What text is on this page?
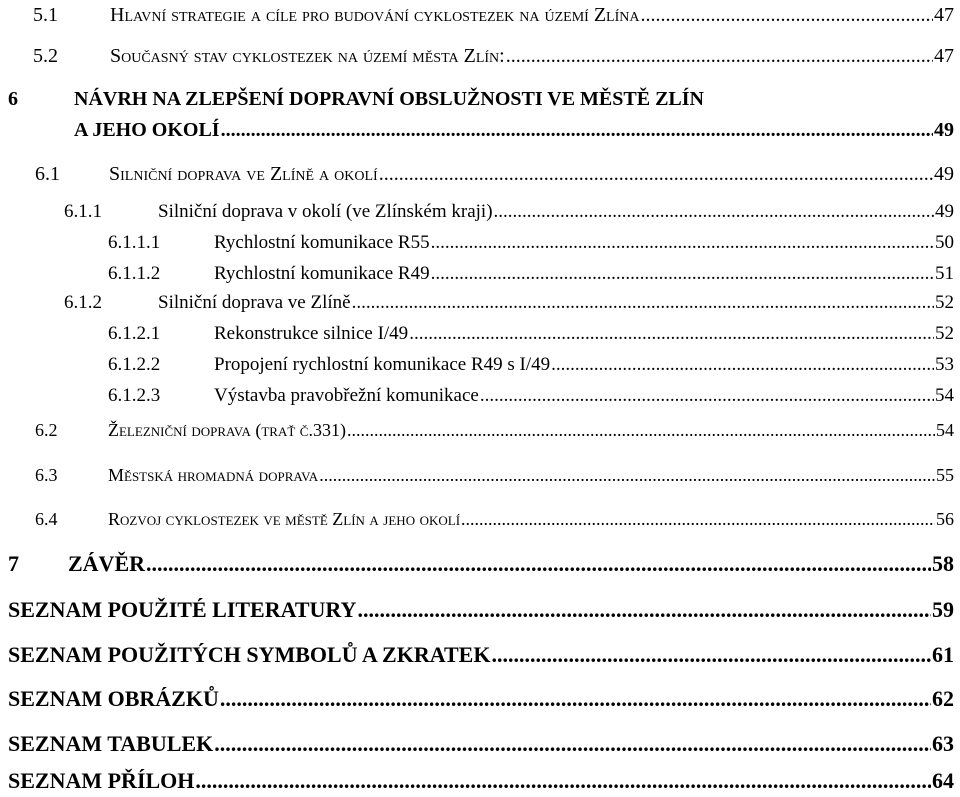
5.1	Hlavní strategie a cíle pro budování cyklostezek na území Zlína .....	47
5.2	Současný stav cyklostezek na území města Zlín: .....	47
6	NÁVRH NA ZLEPŠENÍ DOPRAVNÍ OBSLUŽNOSTI VE MĚSTĚ ZLÍN
A JEHO OKOLÍ .....	49
6.1	Silniční doprava ve Zlíně a okolí .....	49
6.1.1	Silniční doprava v okolí (ve Zlínském kraji) .....	49
6.1.1.1	Rychlostní komunikace R55 .....	50
6.1.1.2	Rychlostní komunikace R49 .....	51
6.1.2	Silniční doprava ve Zlíně .....	52
6.1.2.1	Rekonstrukce silnice I/49 .....	52
6.1.2.2	Propojení rychlostní komunikace R49 s I/49 .....	53
6.1.2.3	Výstavba pravobřežní komunikace .....	54
6.2	Železniční doprava (trať č.331) .....	54
6.3	Městská hromadná doprava .....	55
6.4	Rozvoj cyklostezek ve městě Zlín a jeho okolí .....	56
7	ZÁVĚR .....	58
SEZNAM POUŽITÉ LITERATURY .....	59
SEZNAM POUŽITÝCH SYMBOLŮ A ZKRATEK .....	61
SEZNAM OBRÁZKŮ .....	62
SEZNAM TABULEK .....	63
SEZNAM PŘÍLOH .....	64
